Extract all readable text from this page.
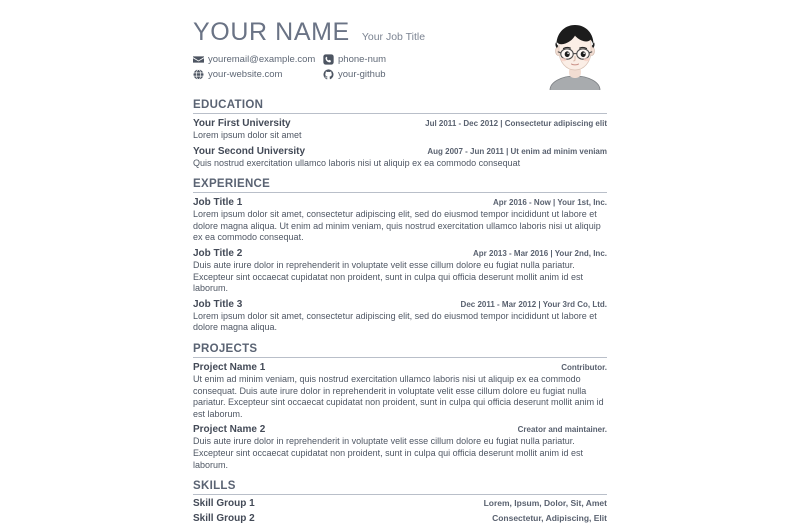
YOUR NAME Your Job Title
youremail@example.com phone-num
your-website.com	your-github
EDUCATION
Your First University	Jul 2011 - Dec 2012 | Consectetur adipiscing elit
Lorem ipsum dolor sit amet
Your Second University	Aug 2007 - Jun 2011 | Ut enim ad minim veniam
Quis nostrud exercitation ullamco laboris nisi ut aliquip ex ea commodo consequat
EXPERIENCE
Job Title 1	Apr 2016 - Now | Your 1st, Inc.
Lorem ipsum dolor sit amet, consectetur adipiscing elit, sed do eiusmod tempor incididunt ut labore et dolore magna aliqua. Ut enim ad minim veniam, quis nostrud exercitation ullamco laboris nisi ut aliquip ex ea commodo consequat.
Job Title 2	Apr 2013 - Mar 2016 | Your 2nd, Inc.
Duis aute irure dolor in reprehenderit in voluptate velit esse cillum dolore eu fugiat nulla pariatur. Excepteur sint occaecat cupidatat non proident, sunt in culpa qui officia deserunt mollit anim id est laborum.
Job Title 3	Dec 2011 - Mar 2012 | Your 3rd Co, Ltd.
Lorem ipsum dolor sit amet, consectetur adipiscing elit, sed do eiusmod tempor incididunt ut labore et dolore magna aliqua.
PROJECTS
Project Name 1	Contributor.
Ut enim ad minim veniam, quis nostrud exercitation ullamco laboris nisi ut aliquip ex ea commodo consequat. Duis aute irure dolor in reprehenderit in voluptate velit esse cillum dolore eu fugiat nulla pariatur. Excepteur sint occaecat cupidatat non proident, sunt in culpa qui officia deserunt mollit anim id est laborum.
Project Name 2	Creator and maintainer.
Duis aute irure dolor in reprehenderit in voluptate velit esse cillum dolore eu fugiat nulla pariatur. Excepteur sint occaecat cupidatat non proident, sunt in culpa qui officia deserunt mollit anim id est laborum.
SKILLS
Skill Group 1	Lorem, Ipsum, Dolor, Sit, Amet
Skill Group 2	Consectetur, Adipiscing, Elit
